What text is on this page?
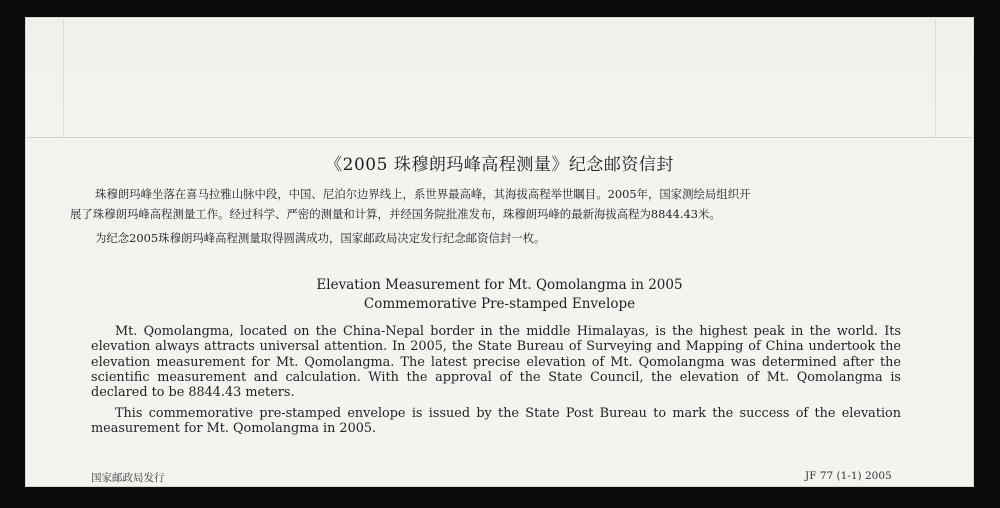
《2005 珠穆朗玛峰高程测量》纪念邮资信封

珠穆朗玛峰坐落在喜马拉雅山脉中段，中国、尼泊尔边界线上，系世界最高峰，其海拔高程举世瞩目。2005年，国家测绘局组织开

展了珠穆朗玛峰高程测量工作。经过科学、严密的测量和计算，并经国务院批准发布，珠穆朗玛峰的最新海拔高程为8844.43米。

为纪念2005珠穆朗玛峰高程测量取得圆满成功，国家邮政局决定发行纪念邮资信封一枚。

Elevation Measurement for Mt. Qomolangma in 2005
Commemorative Pre-stamped Envelope

Mt. Qomolangma, located on the China-Nepal border in the middle Himalayas, is the highest peak in the world. Its elevation always attracts universal attention. In 2005, the State Bureau of Surveying and Mapping of China undertook the elevation measurement for Mt. Qomolangma. The latest precise elevation of Mt. Qomolangma was determined after the scientific measurement and calculation. With the approval of the State Council, the elevation of Mt. Qomolangma is declared to be 8844.43 meters.

This commemorative pre-stamped envelope is issued by the State Post Bureau to mark the success of the elevation measurement for Mt. Qomolangma in 2005.

国家邮政局发行	JF 77 (1-1) 2005
